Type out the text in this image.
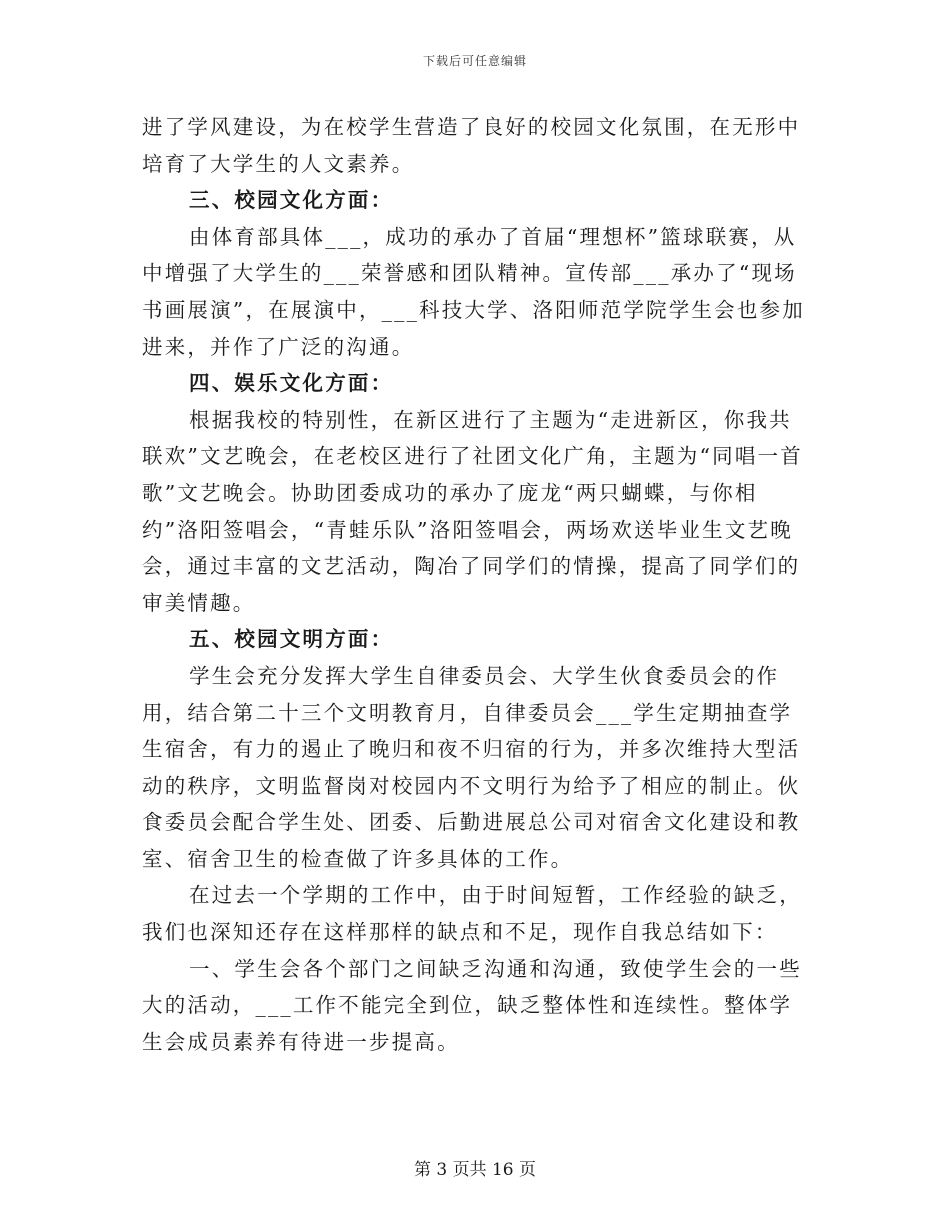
下载后可任意编辑

进了学风建设，为在校学生营造了良好的校园文化氛围，在无形中培育了大学生的人文素养。

三、校园文化方面：

由体育部具体___，成功的承办了首届“理想杯”篮球联赛，从中增强了大学生的___荣誉感和团队精神。宣传部___承办了“现场书画展演”，在展演中，___科技大学、洛阳师范学院学生会也参加进来，并作了广泛的沟通。

四、娱乐文化方面：

根据我校的特别性，在新区进行了主题为“走进新区，你我共联欢”文艺晚会，在老校区进行了社团文化广角，主题为“同唱一首歌”文艺晚会。协助团委成功的承办了庞龙“两只蝴蝶，与你相约”洛阳签唱会，“青蛙乐队”洛阳签唱会，两场欢送毕业生文艺晚会，通过丰富的文艺活动，陶冶了同学们的情操，提高了同学们的审美情趣。

五、校园文明方面：

学生会充分发挥大学生自律委员会、大学生伙食委员会的作用，结合第二十三个文明教育月，自律委员会___学生定期抽查学生宿舍，有力的遏止了晚归和夜不归宿的行为，并多次维持大型活动的秩序，文明监督岗对校园内不文明行为给予了相应的制止。伙食委员会配合学生处、团委、后勤进展总公司对宿舍文化建设和教室、宿舍卫生的检查做了许多具体的工作。

在过去一个学期的工作中，由于时间短暂，工作经验的缺乏，我们也深知还存在这样那样的缺点和不足，现作自我总结如下：

一、学生会各个部门之间缺乏沟通和沟通，致使学生会的一些大的活动，___工作不能完全到位，缺乏整体性和连续性。整体学生会成员素养有待进一步提高。

第 3 页共 16 页
